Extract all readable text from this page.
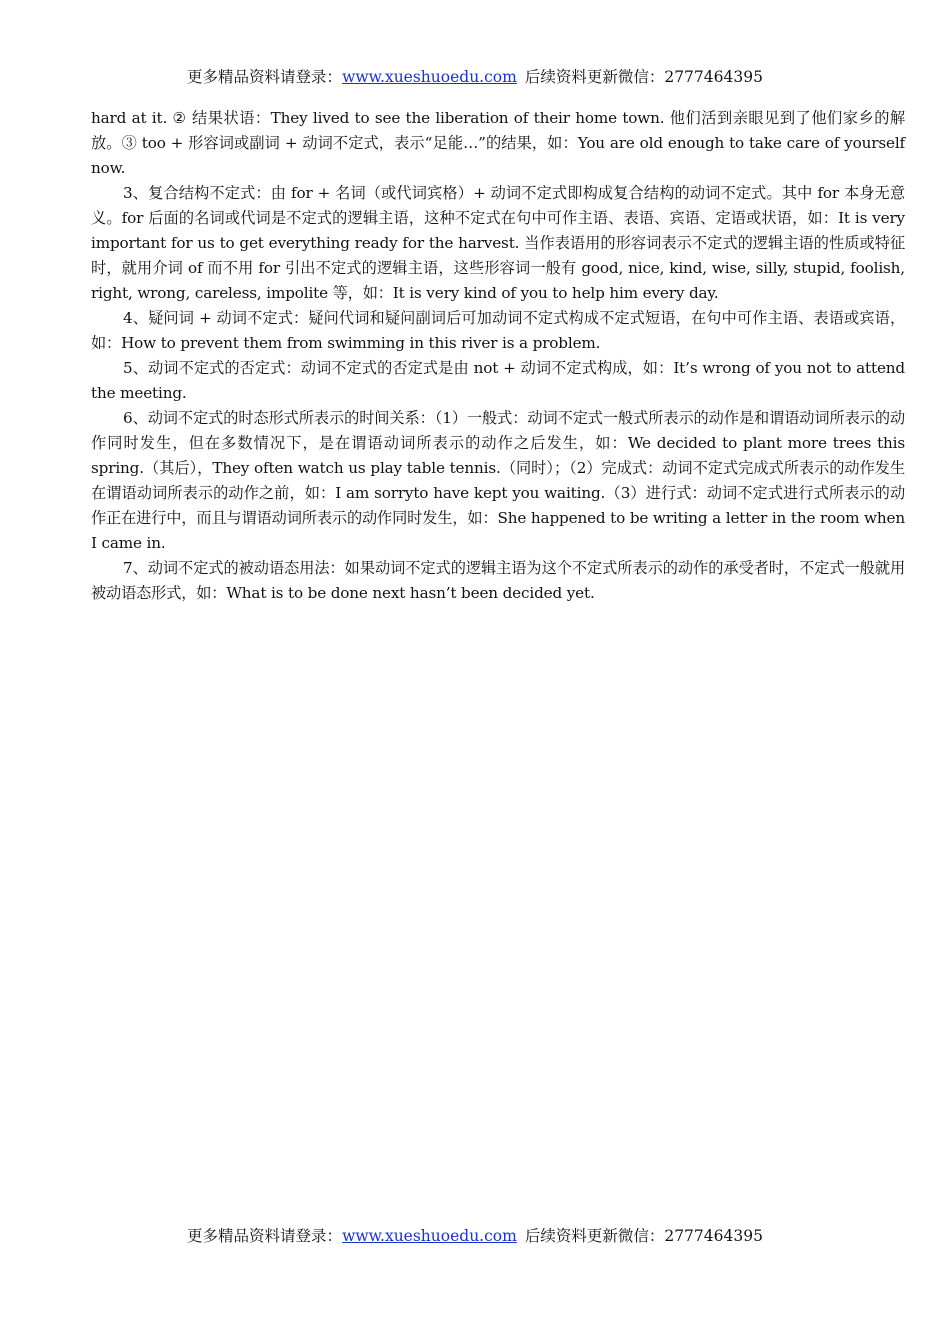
更多精品资料请登录：www.xueshuoedu.com 后续资料更新微信：2777464395

hard at it. ② 结果状语：They lived to see the liberation of their home town. 他们活到亲眼见到了他们家乡的解放。③ too + 形容词或副词 + 动词不定式，表示“足能…”的结果，如：You are old enough to take care of yourself now.

3、复合结构不定式：由 for + 名词（或代词宾格）+ 动词不定式即构成复合结构的动词不定式。其中 for 本身无意义。for 后面的名词或代词是不定式的逻辑主语，这种不定式在句中可作主语、表语、宾语、定语或状语，如：It is very important for us to get everything ready for the harvest. 当作表语用的形容词表示不定式的逻辑主语的性质或特征时，就用介词 of 而不用 for 引出不定式的逻辑主语，这些形容词一般有 good, nice, kind, wise, silly, stupid, foolish, right, wrong, careless, impolite 等，如：It is very kind of you to help him every day.

4、疑问词 + 动词不定式：疑问代词和疑问副词后可加动词不定式构成不定式短语，在句中可作主语、表语或宾语，如：How to prevent them from swimming in this river is a problem.

5、动词不定式的否定式：动词不定式的否定式是由 not + 动词不定式构成，如：It’s wrong of you not to attend the meeting.

6、动词不定式的时态形式所表示的时间关系：（1）一般式：动词不定式一般式所表示的动作是和谓语动词所表示的动作同时发生，但在多数情况下，是在谓语动词所表示的动作之后发生，如：We decided to plant more trees this spring.（其后），They often watch us play table tennis.（同时）；（2）完成式：动词不定式完成式所表示的动作发生在谓语动词所表示的动作之前，如：I am sorryto have kept you waiting.（3）进行式：动词不定式进行式所表示的动作正在进行中，而且与谓语动词所表示的动作同时发生，如：She happened to be writing a letter in the room when I came in.

7、动词不定式的被动语态用法：如果动词不定式的逻辑主语为这个不定式所表示的动作的承受者时，不定式一般就用被动语态形式，如：What is to be done next hasn’t been decided yet.

更多精品资料请登录：www.xueshuoedu.com 后续资料更新微信：2777464395
